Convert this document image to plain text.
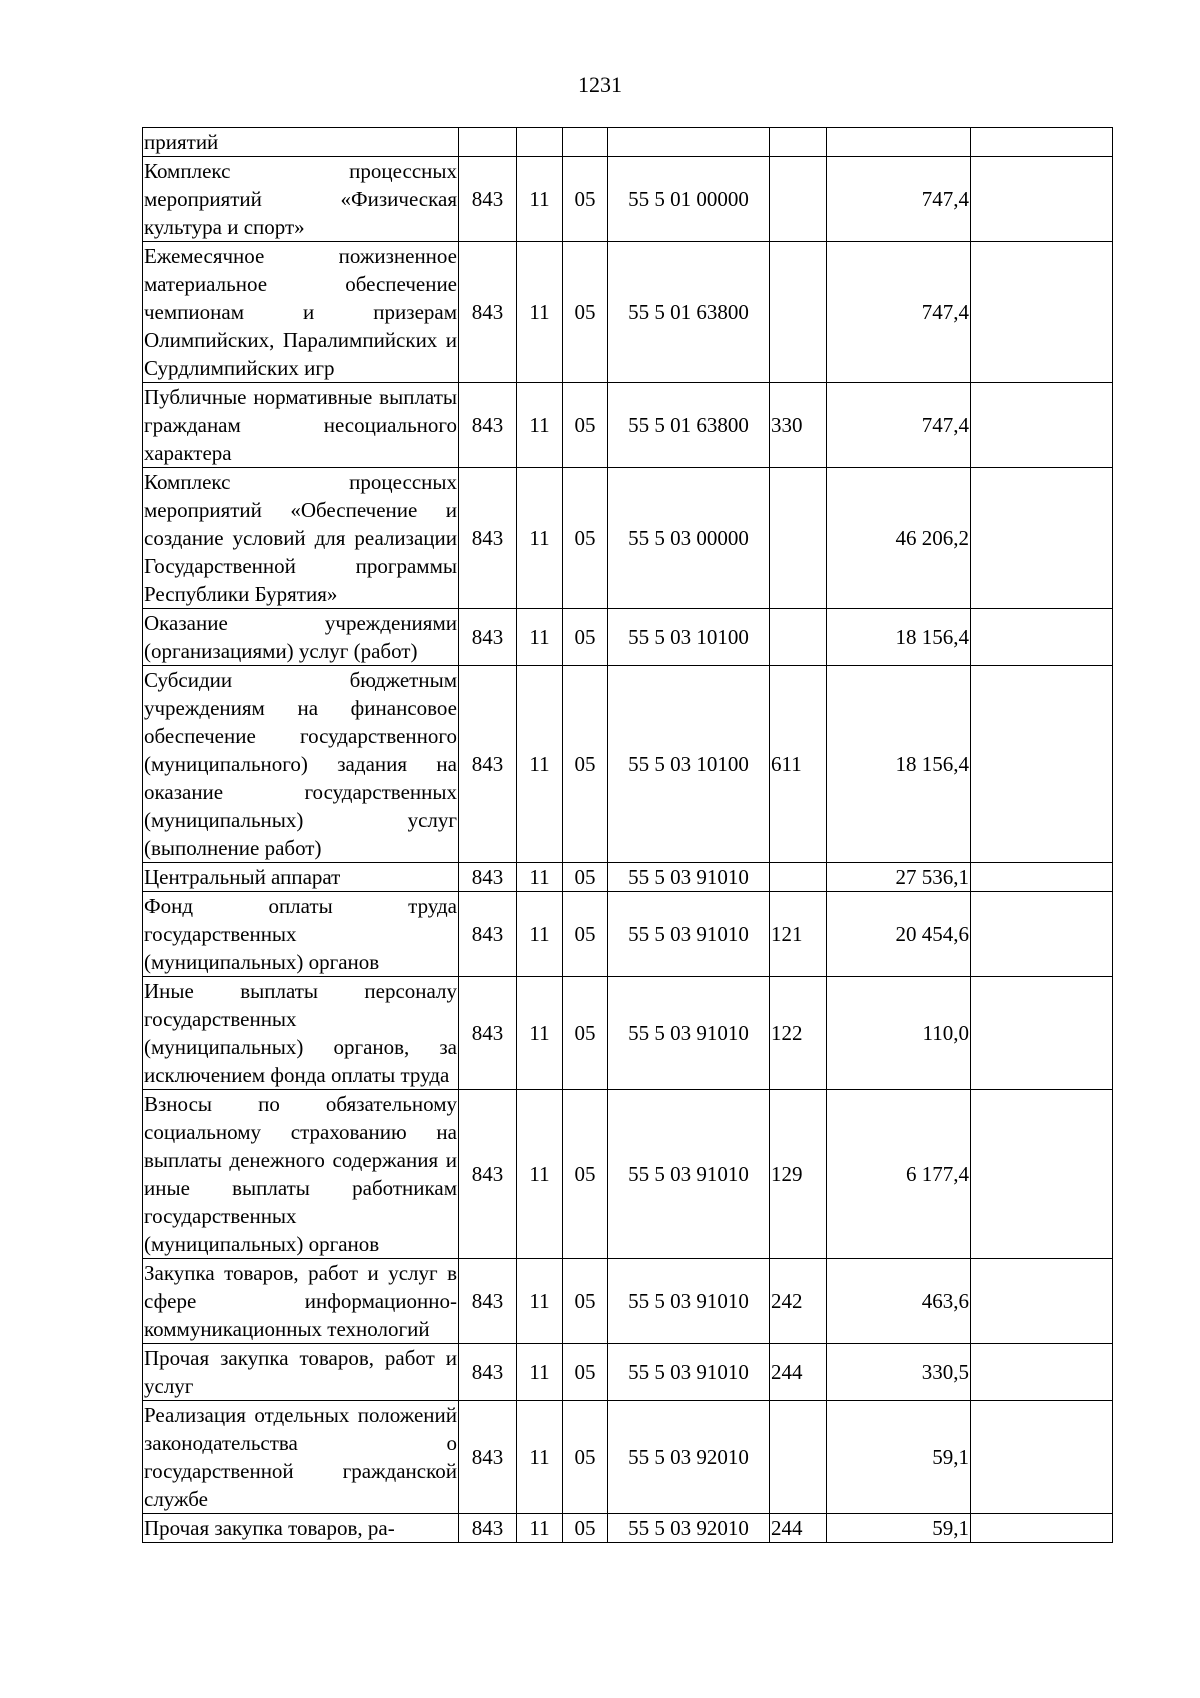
1231
приятий							
Комплекс процессных мероприятий «Физическая культура и спорт»	843	11	05	55 5 01 00000		747,4	
Ежемесячное пожизненное материальное обеспечение чемпионам и призерам Олимпийских, Паралимпийских и Сурдлимпийских игр	843	11	05	55 5 01 63800		747,4	
Публичные нормативные выплаты гражданам несоциального характера	843	11	05	55 5 01 63800	330	747,4	
Комплекс процессных мероприятий «Обеспечение и создание условий для реализации Государственной программы Республики Бурятия»	843	11	05	55 5 03 00000		46 206,2	
Оказание учреждениями (организациями) услуг (работ)	843	11	05	55 5 03 10100		18 156,4	
Субсидии бюджетным учреждениям на финансовое обеспечение государственного (муниципального) задания на оказание государственных (муниципальных) услуг (выполнение работ)	843	11	05	55 5 03 10100	611	18 156,4	
Центральный аппарат	843	11	05	55 5 03 91010		27 536,1	
Фонд оплаты труда государственных (муниципальных) органов	843	11	05	55 5 03 91010	121	20 454,6	
Иные выплаты персоналу государственных (муниципальных) органов, за исключением фонда оплаты труда	843	11	05	55 5 03 91010	122	110,0	
Взносы по обязательному социальному страхованию на выплаты денежного содержания и иные выплаты работникам государственных (муниципальных) органов	843	11	05	55 5 03 91010	129	6 177,4	
Закупка товаров, работ и услуг в сфере информационно-коммуникационных технологий	843	11	05	55 5 03 91010	242	463,6	
Прочая закупка товаров, работ и услуг	843	11	05	55 5 03 91010	244	330,5	
Реализация отдельных положений законодательства о государственной гражданской службе	843	11	05	55 5 03 92010		59,1	
Прочая закупка товаров, ра-	843	11	05	55 5 03 92010	244	59,1	
